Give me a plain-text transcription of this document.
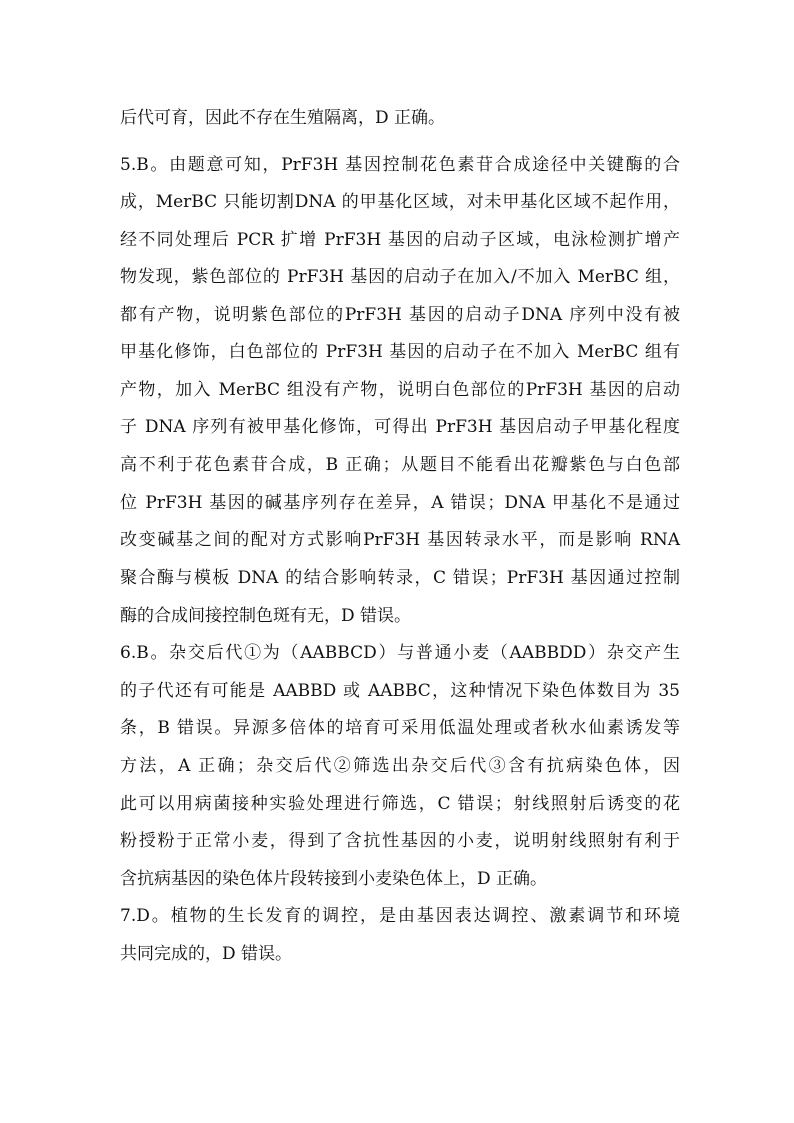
后代可育，因此不存在生殖隔离，D 正确。
5.B。由题意可知，PrF3H 基因控制花色素苷合成途径中关键酶的合
成，MerBC 只能切割DNA 的甲基化区域，对未甲基化区域不起作用，
经不同处理后 PCR 扩增 PrF3H 基因的启动子区域，电泳检测扩增产
物发现，紫色部位的 PrF3H 基因的启动子在加入/不加入 MerBC 组，
都有产物，说明紫色部位的PrF3H 基因的启动子DNA 序列中没有被
甲基化修饰，白色部位的 PrF3H 基因的启动子在不加入 MerBC 组有
产物，加入 MerBC 组没有产物，说明白色部位的PrF3H 基因的启动
子 DNA 序列有被甲基化修饰，可得出 PrF3H 基因启动子甲基化程度
高不利于花色素苷合成，B 正确；从题目不能看出花瓣紫色与白色部
位 PrF3H 基因的碱基序列存在差异，A 错误；DNA 甲基化不是通过
改变碱基之间的配对方式影响PrF3H 基因转录水平，而是影响 RNA
聚合酶与模板 DNA 的结合影响转录，C 错误；PrF3H 基因通过控制
酶的合成间接控制色斑有无，D 错误。
6.B。杂交后代①为（AABBCD）与普通小麦（AABBDD）杂交产生
的子代还有可能是 AABBD 或 AABBC，这种情况下染色体数目为 35
条，B 错误。异源多倍体的培育可采用低温处理或者秋水仙素诱发等
方法，A 正确；杂交后代②筛选出杂交后代③含有抗病染色体，因
此可以用病菌接种实验处理进行筛选，C 错误；射线照射后诱变的花
粉授粉于正常小麦，得到了含抗性基因的小麦，说明射线照射有利于
含抗病基因的染色体片段转接到小麦染色体上，D 正确。
7.D。植物的生长发育的调控，是由基因表达调控、激素调节和环境
共同完成的，D 错误。
